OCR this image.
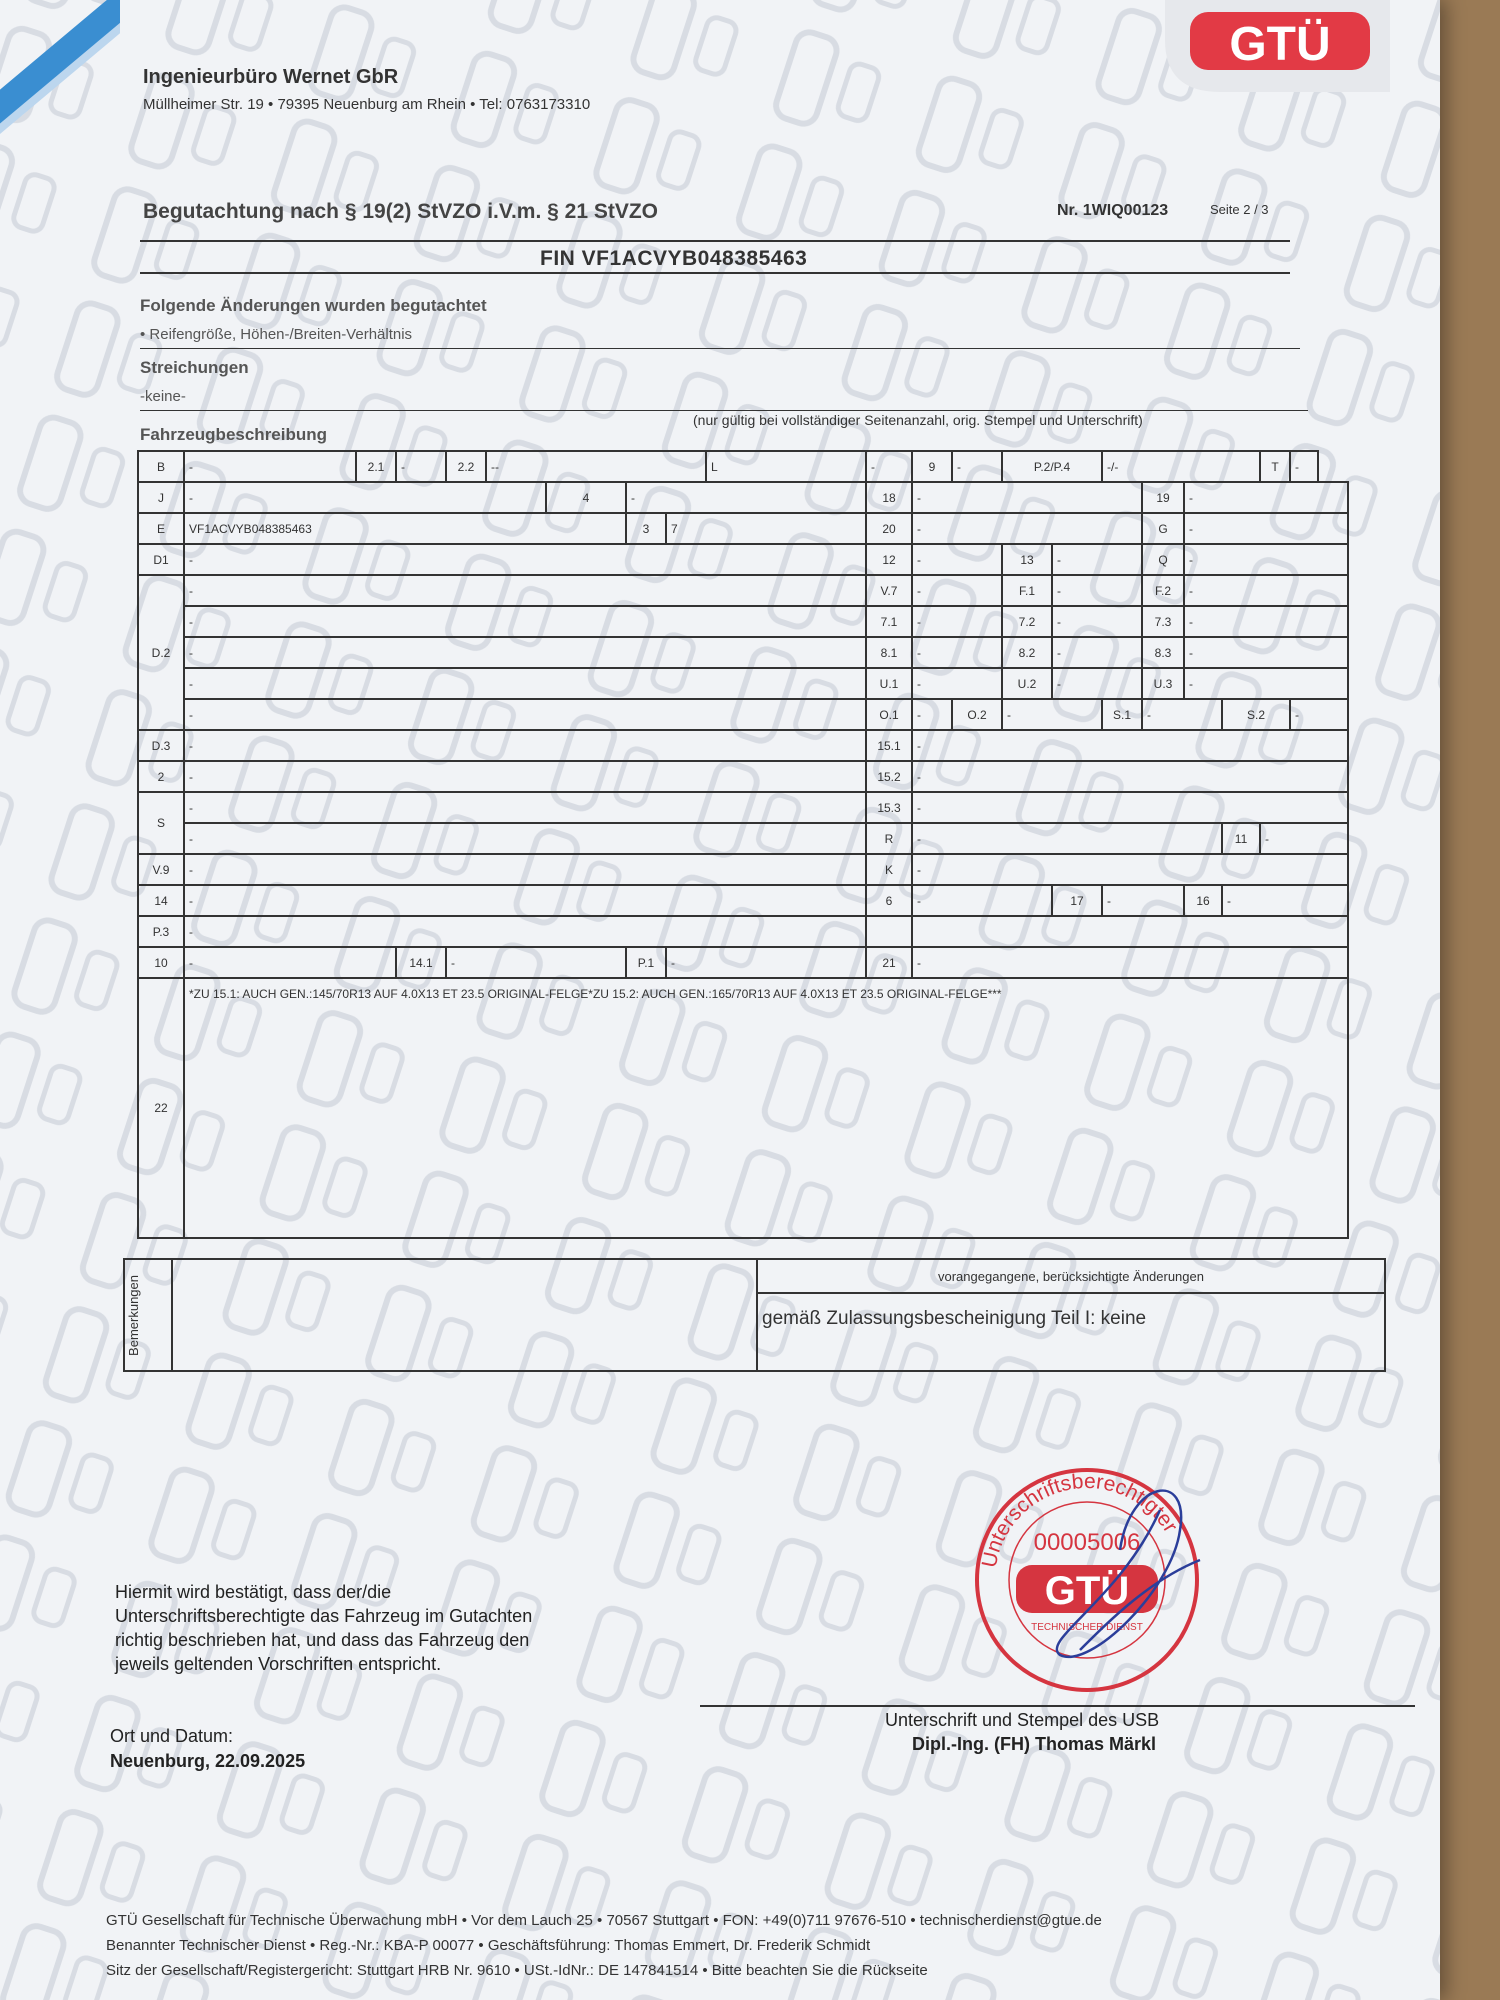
Ingenieurbüro Wernet GbR
Müllheimer Str. 19 • 79395 Neuenburg am Rhein • Tel: 0763173310
GTÜ
Begutachtung nach § 19(2) StVZO i.V.m. § 21 StVZO	Nr. 1WIQ00123	Seite 2 / 3
FIN VF1ACVYB048385463
Folgende Änderungen wurden begutachtet
• Reifengröße, Höhen-/Breiten-Verhältnis
Streichungen
-keine-
Fahrzeugbeschreibung
(nur gültig bei vollständiger Seitenanzahl, orig. Stempel und Unterschrift)
B	-	2.1	-	2.2	--				L	-	9	-	P.2/P.4		-/-				T	-
J	-					4	-			18	-					19	-			
E	VF1ACVYB048385463						3	7		20	-					G	-			
D1	-									12	-		13	-		Q	-			
D.2	-									V.7	-		F.1	-		F.2	-			
	-									7.1	-		7.2	-		7.3	-			
	-									8.1	-		8.2	-		8.3	-			
	-									U.1	-		U.2	-		U.3	-			
	-									O.1	-	O.2	-		S.1	-		S.2		-
D.3	-									15.1	-									
2	-									15.2	-									
S	-									15.3	-									
	-									R	-							11	-	
V.9	-									K	-									
14	-									6	-			17	-		16	-		
P.3	-																			
10	-		14.1	-			P.1	-		21	-									
22	*ZU 15.1: AUCH GEN.:145/70R13 AUF 4.0X13 ET 23.5 ORIGINAL-FELGE*ZU 15.2: AUCH GEN.:165/70R13 AUF 4.0X13 ET 23.5 ORIGINAL-FELGE***																			
Bemerkungen		vorangegangene, berücksichtigte Änderungen
gemäß Zulassungsbescheinigung Teil I: keine
Unterschriftsberechtigter
00005006
GTÜ
TECHNISCHER DIENST
Hiermit wird bestätigt, dass der/die
Unterschriftsberechtigte das Fahrzeug im Gutachten
richtig beschrieben hat, und dass das Fahrzeug den
jeweils geltenden Vorschriften entspricht.
Ort und Datum:
Neuenburg, 22.09.2025
Unterschrift und Stempel des USB
Dipl.-Ing. (FH) Thomas Märkl
GTÜ Gesellschaft für Technische Überwachung mbH • Vor dem Lauch 25 • 70567 Stuttgart • FON: +49(0)711 97676-510 • technischerdienst@gtue.de
Benannter Technischer Dienst • Reg.-Nr.: KBA-P 00077 • Geschäftsführung: Thomas Emmert, Dr. Frederik Schmidt
Sitz der Gesellschaft/Registergericht: Stuttgart HRB Nr. 9610 • USt.-IdNr.: DE 147841514 • Bitte beachten Sie die Rückseite
